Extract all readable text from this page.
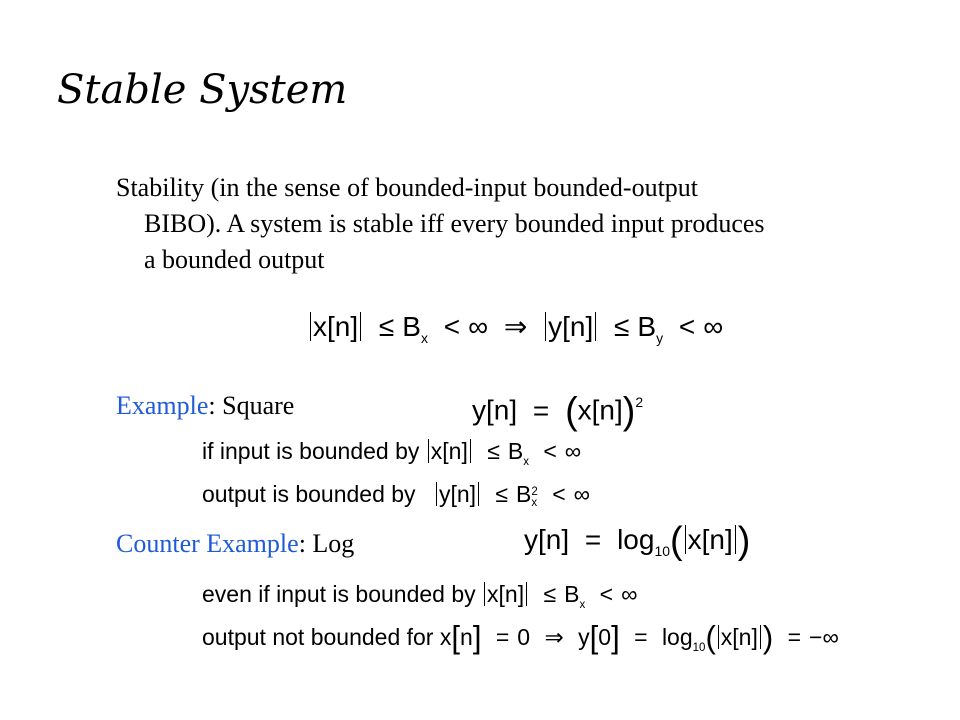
Stable System
Stability (in the sense of bounded-input bounded-output
BIBO). A system is stable iff every bounded input produces
a bounded output
$x[n] \le B_x$ < ∞ ⇒ $y[n] \le B_y$ < ∞
Example: Square	$y[n] = (x[n])^2$
if input is bounded by $x[n] \le B_x$ < ∞
output is bounded by y[n] ≤ B 2
x < ∞
Counter Example: Log	$y[n] = \log_{10}$( x[n] )
even if input is bounded by $x[n] \le B_x$ < ∞
output not bounded for x[n] = 0 ⇒ $y[0] = \log_{10}$( x[n] ) = −∞
